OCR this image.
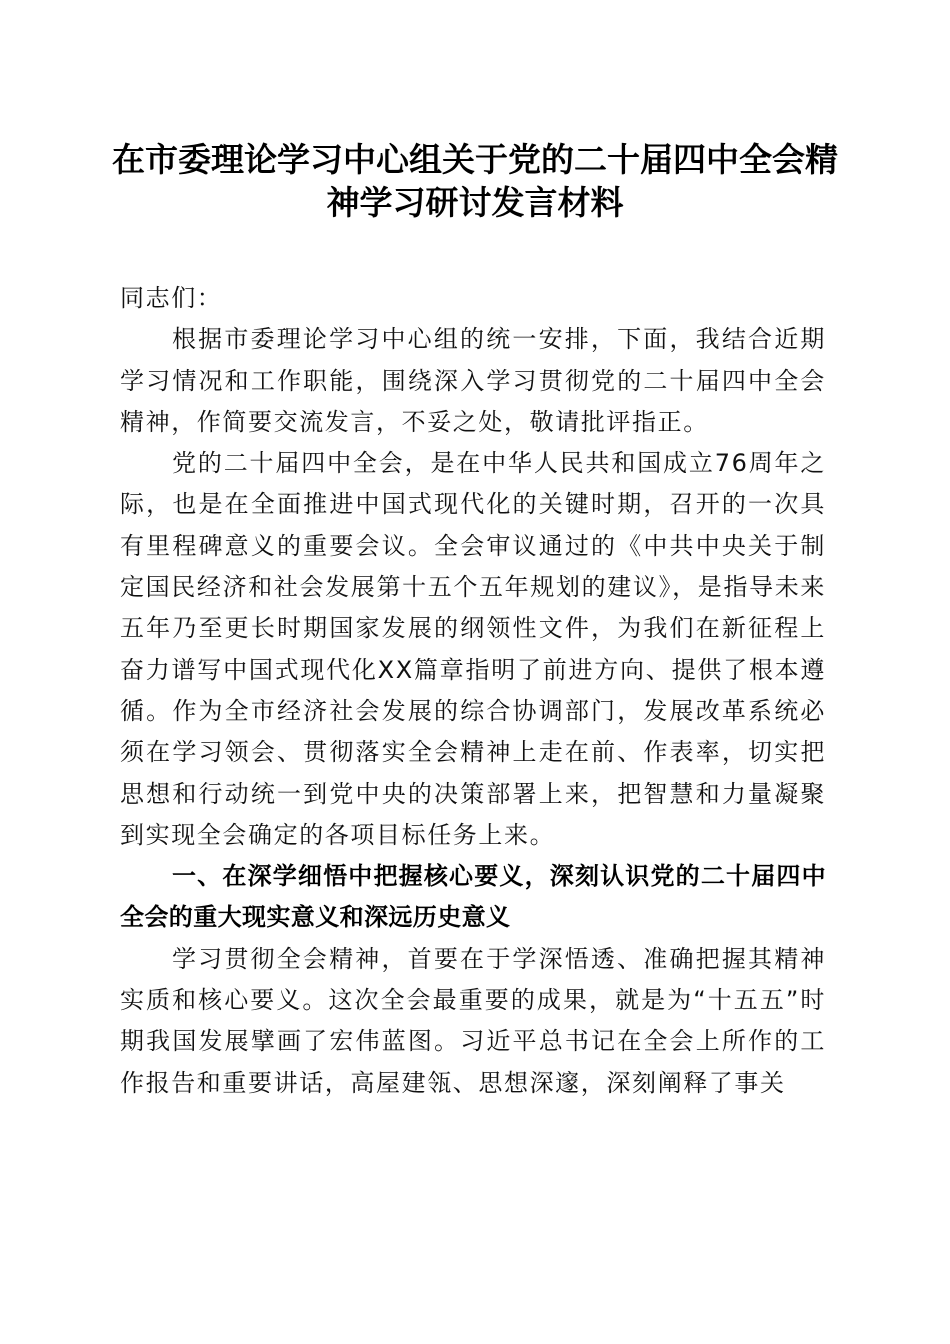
在市委理论学习中心组关于党的二十届四中全会精神学习研讨发言材料

同志们：

根据市委理论学习中心组的统一安排，下面，我结合近期学习情况和工作职能，围绕深入学习贯彻党的二十届四中全会精神，作简要交流发言，不妥之处，敬请批评指正。

党的二十届四中全会，是在中华人民共和国成立76周年之际，也是在全面推进中国式现代化的关键时期，召开的一次具有里程碑意义的重要会议。全会审议通过的《中共中央关于制定国民经济和社会发展第十五个五年规划的建议》，是指导未来五年乃至更长时期国家发展的纲领性文件，为我们在新征程上奋力谱写中国式现代化XX篇章指明了前进方向、提供了根本遵循。作为全市经济社会发展的综合协调部门，发展改革系统必须在学习领会、贯彻落实全会精神上走在前、作表率，切实把思想和行动统一到党中央的决策部署上来，把智慧和力量凝聚到实现全会确定的各项目标任务上来。

一、在深学细悟中把握核心要义，深刻认识党的二十届四中全会的重大现实意义和深远历史意义

学习贯彻全会精神，首要在于学深悟透、准确把握其精神实质和核心要义。这次全会最重要的成果，就是为“十五五”时期我国发展擘画了宏伟蓝图。习近平总书记在全会上所作的工作报告和重要讲话，高屋建瓴、思想深邃，深刻阐释了事关
